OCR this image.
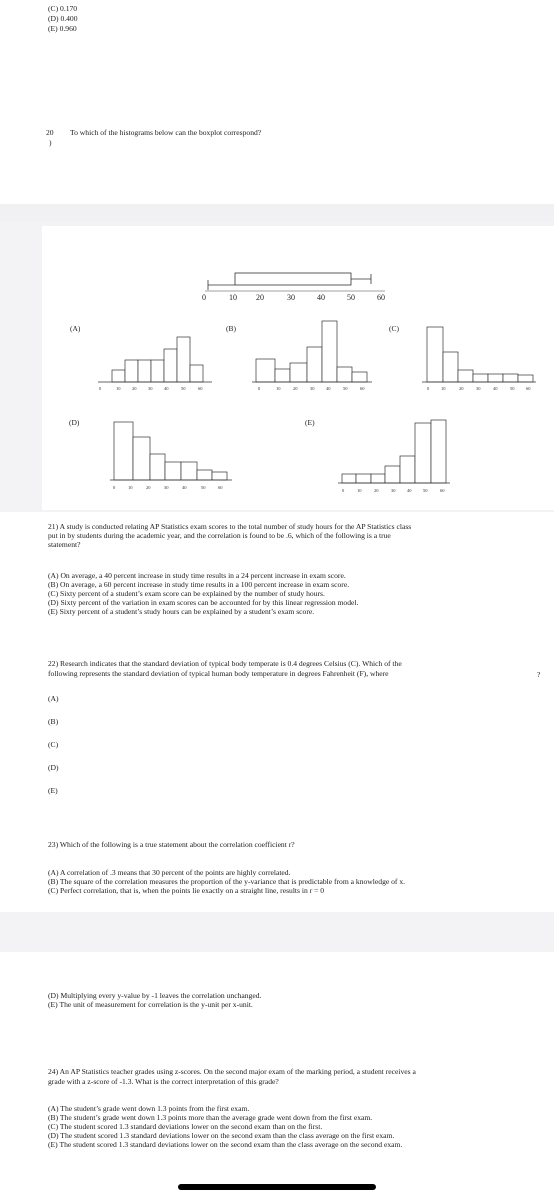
(C) 0.170
(D) 0.400
(E) 0.960
20 To which of the histograms below can the boxplot correspond?
)
0	10 20	30	40	50	60
(A)	(B)	(C)
(D)	(E)
0	10	20	30	40	50	60	0	10	20	30	40	50	60	0	10	20	30	40	50	60
0	10	20	30	40	50	60
0	10	20	30	40	50	60
21) A study is conducted relating AP Statistics exam scores to the total number of study hours for the AP Statistics class
put in by students during the academic year, and the correlation is found to be .6, which of the following is a true
statement?
(A) On average, a 40 percent increase in study time results in a 24 percent increase in exam score.
(B) On average, a 60 percent increase in study time results in a 100 percent increase in exam score.
(C) Sixty percent of a student’s exam score can be explained by the number of study hours.
(D) Sixty percent of the variation in exam scores can be accounted for by this linear regression model.
(E) Sixty percent of a student’s study hours can be explained by a student’s exam score.
22) Research indicates that the standard deviation of typical body temperate is 0.4 degrees Celsius (C). Which of the
following represents the standard deviation of typical human body temperature in degrees Fahrenheit (F), where	?
(A)
(B)
(C)
(D)
(E)
23) Which of the following is a true statement about the correlation coefficient r?
(A) A correlation of .3 means that 30 percent of the points are highly correlated.
(B) The square of the correlation measures the proportion of the y-variance that is predictable from a knowledge of x.
(C) Perfect correlation, that is, when the points lie exactly on a straight line, results in r = 0
(D) Multiplying every y-value by -1 leaves the correlation unchanged.
(E) The unit of measurement for correlation is the y-unit per x-unit.
24) An AP Statistics teacher grades using z-scores. On the second major exam of the marking period, a student receives a
grade with a z-score of -1.3. What is the correct interpretation of this grade?
(A) The student’s grade went down 1.3 points from the first exam.
(B) The student’s grade went down 1.3 points more than the average grade went down from the first exam.
(C) The student scored 1.3 standard deviations lower on the second exam than on the first.
(D) The student scored 1.3 standard deviations lower on the second exam than the class average on the first exam.
(E) The student scored 1.3 standard deviations lower on the second exam than the class average on the second exam.
